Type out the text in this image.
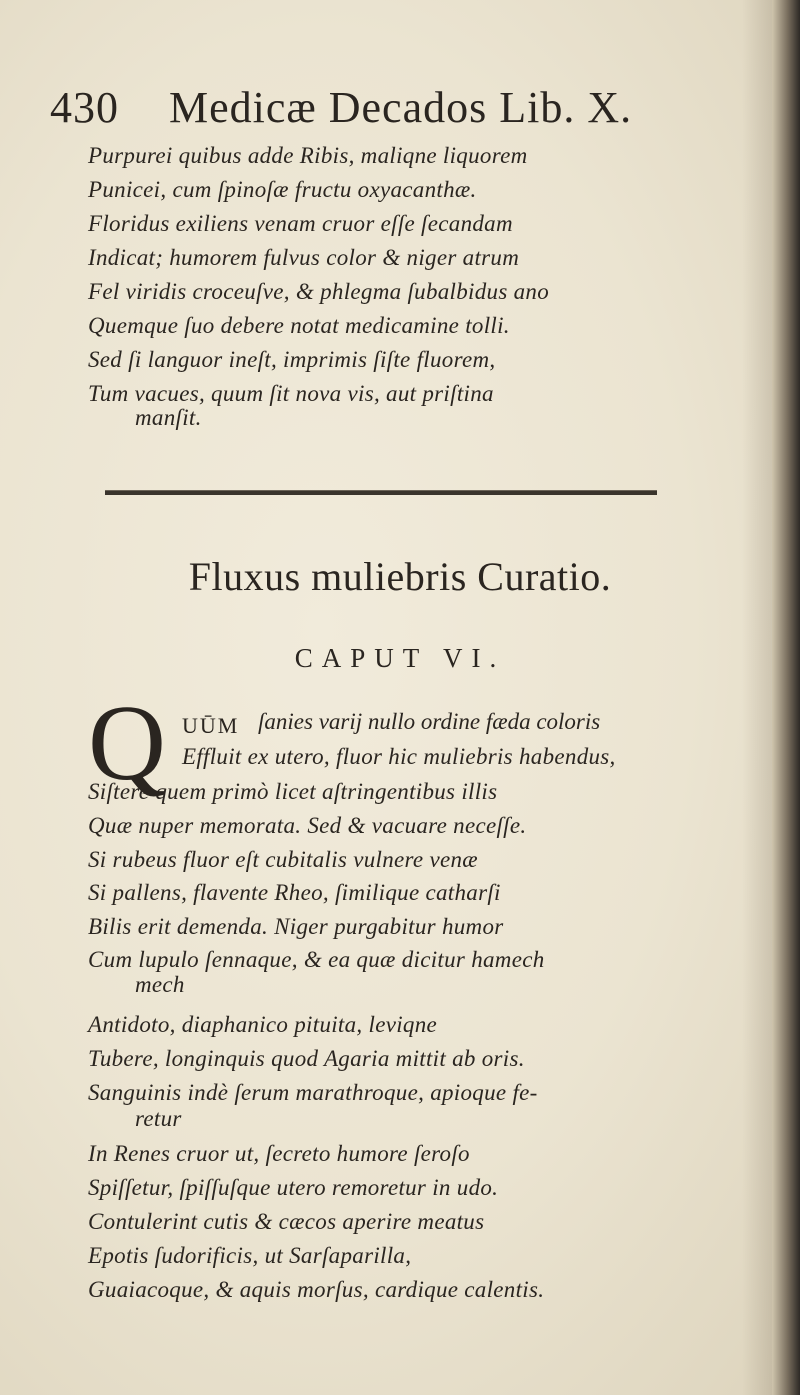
430 Medicæ Decados Lib. X.
Purpurei quibus adde Ribis, maliqne liquorem
Punicei, cum ſpinoſæ fructu oxyacanthæ.
Floridus exiliens venam cruor eſſe ſecandam
Indicat; humorem fulvus color & niger atrum
Fel viridis croceuſve, & phlegma ſubalbidus ano
Quemque ſuo debere notat medicamine tolli.
Sed ſi languor ineſt, imprimis ſiſte fluorem,
Tum vacues, quum ſit nova vis, aut priſtina
manſit.
Fluxus muliebris Curatio.
CAPUT VI.
Q UŪM ſanies varij nullo ordine fæda coloris
Effluit ex utero, fluor hic muliebris habendus,
Siſtere quem primò licet aſtringentibus illis
Quæ nuper memorata. Sed & vacuare neceſſe.
Si rubeus fluor eſt cubitalis vulnere venæ
Si pallens, flavente Rheo, ſimilique catharſi
Bilis erit demenda. Niger purgabitur humor
Cum lupulo ſennaque, & ea quæ dicitur hamech
mech
Antidoto, diaphanico pituita, leviqne
Tubere, longinquis quod Agaria mittit ab oris.
Sanguinis indè ſerum marathroque, apioque fe-
retur
In Renes cruor ut, ſecreto humore ſeroſo
Spiſſetur, ſpiſſuſque utero remoretur in udo.
Contulerint cutis & cæcos aperire meatus
Epotis ſudorificis, ut Sarſaparilla,
Guaiacoque, & aquis morſus, cardique calentis.
